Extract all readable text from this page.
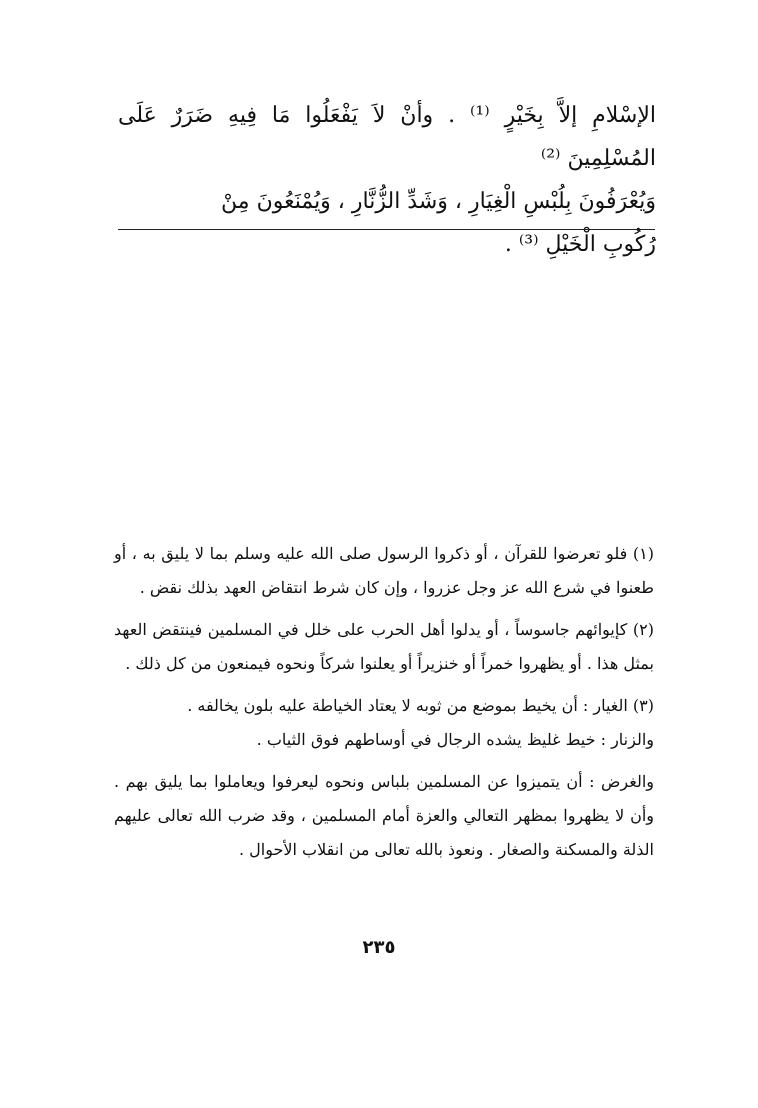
الإسْلامِ إلاَّ بِخَيْرٍ ⁽¹⁾ . وأنْ لاَ يَفْعَلُوا مَا فِيهِ ضَرَرٌ عَلَى المُسْلِمِينَ ⁽²⁾

وَيُعْرَفُونَ بِلُبْسِ الْغِيَارِ ، وَشَدِّ الزُّنَّارِ ، وَيُمْنَعُونَ مِنْ

رُكُوبِ الْخَيْلِ ⁽³⁾ .

(١) فلو تعرضوا للقرآن ، أو ذكروا الرسول صلى الله عليه وسلم بما لا يليق به ، أو طعنوا في شرع الله عز وجل عزروا ، وإن كان شرط انتقاض العهد بذلك نقض .

(٢) كإيوائهم جاسوساً ، أو يدلوا أهل الحرب على خلل في المسلمين فينتقض العهد بمثل هذا . أو يظهروا خمراً أو خنزيراً أو يعلنوا شركاً ونحوه فيمنعون من كل ذلك .

(٣) الغيار : أن يخيط بموضع من ثوبه لا يعتاد الخياطة عليه بلون يخالفه .

والزنار : خيط غليظ يشده الرجال في أوساطهم فوق الثياب .

والغرض : أن يتميزوا عن المسلمين بلباس ونحوه ليعرفوا ويعاملوا بما يليق بهم . وأن لا يظهروا بمظهر التعالي والعزة أمام المسلمين ، وقد ضرب الله تعالى عليهم الذلة والمسكنة والصغار . ونعوذ بالله تعالى من انقلاب الأحوال .

٢٣٥
